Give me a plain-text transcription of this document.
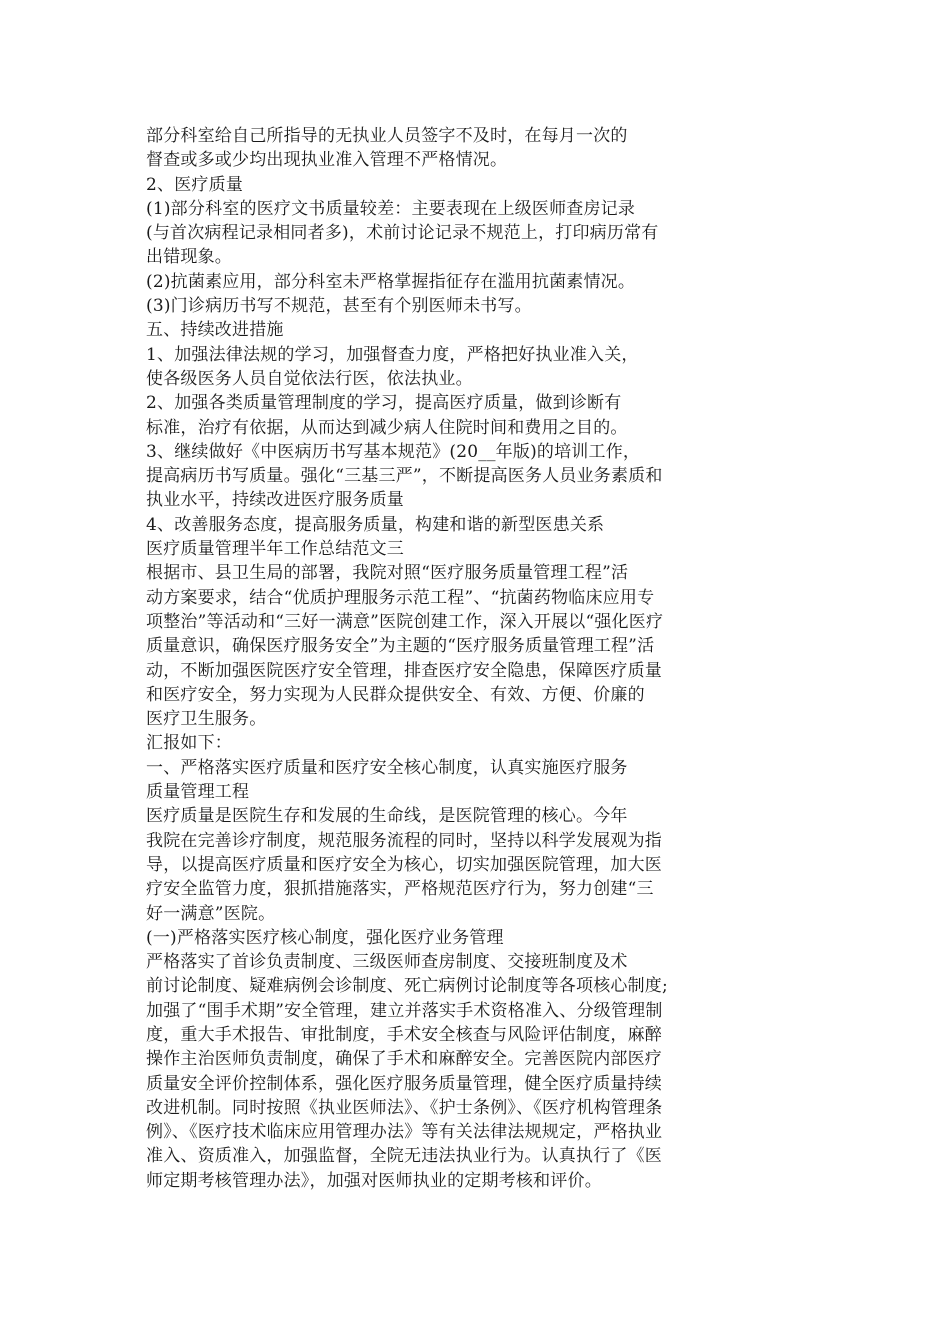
部分科室给自己所指导的无执业人员签字不及时，在每月一次的
督查或多或少均出现执业准入管理不严格情况。
2、医疗质量
(1)部分科室的医疗文书质量较差：主要表现在上级医师查房记录
(与首次病程记录相同者多)，术前讨论记录不规范上，打印病历常有
出错现象。
(2)抗菌素应用，部分科室未严格掌握指征存在滥用抗菌素情况。
(3)门诊病历书写不规范，甚至有个别医师未书写。
五、持续改进措施
1、加强法律法规的学习，加强督查力度，严格把好执业准入关，
使各级医务人员自觉依法行医，依法执业。
2、加强各类质量管理制度的学习，提高医疗质量，做到诊断有
标准，治疗有依据，从而达到减少病人住院时间和费用之目的。
3、继续做好《中医病历书写基本规范》(20__年版)的培训工作，
提高病历书写质量。强化“三基三严”，不断提高医务人员业务素质和
执业水平，持续改进医疗服务质量
4、改善服务态度，提高服务质量，构建和谐的新型医患关系
医疗质量管理半年工作总结范文三
根据市、县卫生局的部署，我院对照“医疗服务质量管理工程”活
动方案要求，结合“优质护理服务示范工程”、“抗菌药物临床应用专
项整治”等活动和“三好一满意”医院创建工作，深入开展以“强化医疗
质量意识，确保医疗服务安全”为主题的“医疗服务质量管理工程”活
动，不断加强医院医疗安全管理，排查医疗安全隐患，保障医疗质量
和医疗安全，努力实现为人民群众提供安全、有效、方便、价廉的
医疗卫生服务。
汇报如下：
一、严格落实医疗质量和医疗安全核心制度，认真实施医疗服务
质量管理工程
医疗质量是医院生存和发展的生命线，是医院管理的核心。今年
我院在完善诊疗制度，规范服务流程的同时，坚持以科学发展观为指
导，以提高医疗质量和医疗安全为核心，切实加强医院管理，加大医
疗安全监管力度，狠抓措施落实，严格规范医疗行为，努力创建“三
好一满意”医院。
(一)严格落实医疗核心制度，强化医疗业务管理
严格落实了首诊负责制度、三级医师查房制度、交接班制度及术
前讨论制度、疑难病例会诊制度、死亡病例讨论制度等各项核心制度;
加强了“围手术期”安全管理，建立并落实手术资格准入、分级管理制
度，重大手术报告、审批制度，手术安全核查与风险评估制度，麻醉
操作主治医师负责制度，确保了手术和麻醉安全。完善医院内部医疗
质量安全评价控制体系，强化医疗服务质量管理，健全医疗质量持续
改进机制。同时按照《执业医师法》、《护士条例》、《医疗机构管理条
例》、《医疗技术临床应用管理办法》等有关法律法规规定，严格执业
准入、资质准入，加强监督，全院无违法执业行为。认真执行了《医
师定期考核管理办法》，加强对医师执业的定期考核和评价。
